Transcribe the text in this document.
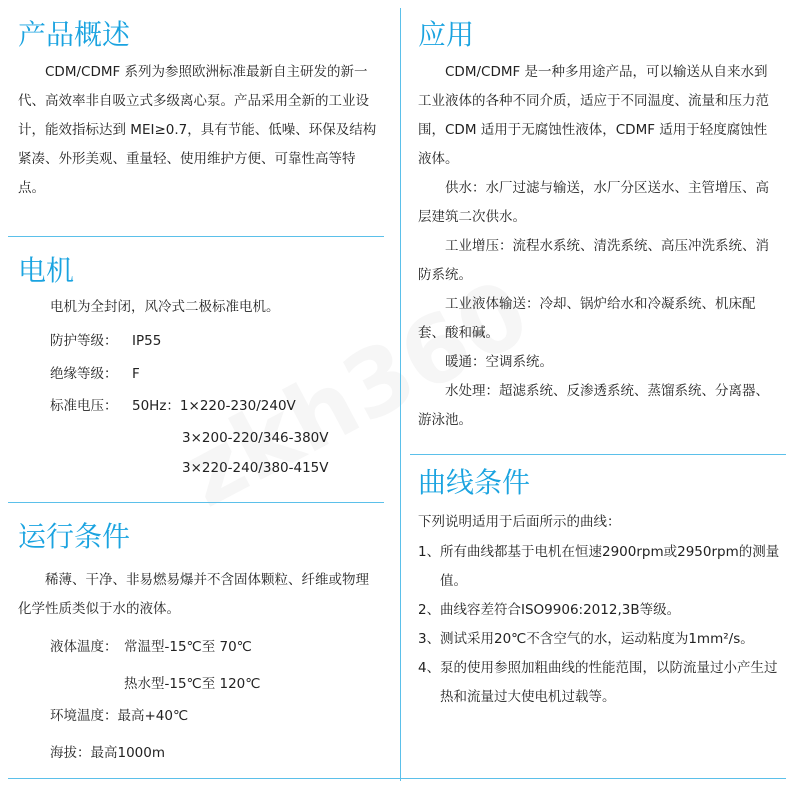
产品概述

CDM/CDMF 系列为参照欧洲标准最新自主研发的新一代、高效率非自吸立式多级离心泵。产品采用全新的工业设计，能效指标达到 MEI≥0.7，具有节能、低噪、环保及结构紧凑、外形美观、重量轻、使用维护方便、可靠性高等特点。

电机
电机为全封闭，风冷式二极标准电机。
防护等级： IP55
绝缘等级： F
标准电压： 50Hz：1×220-230/240V
3×200-220/346-380V
3×220-240/380-415V
运行条件

稀薄、干净、非易燃易爆并不含固体颗粒、纤维或物理化学性质类似于水的液体。

液体温度： 常温型-15℃至 70℃
热水型-15℃至 120℃
环境温度：最高+40℃
海拔：最高1000m
应用

CDM/CDMF 是一种多用途产品，可以输送从自来水到工业液体的各种不同介质，适应于不同温度、流量和压力范围，CDM 适用于无腐蚀性液体，CDMF 适用于轻度腐蚀性液体。

供水：水厂过滤与输送，水厂分区送水、主管增压、高层建筑二次供水。

工业增压：流程水系统、清洗系统、高压冲洗系统、消防系统。

工业液体输送：冷却、锅炉给水和冷凝系统、机床配套、酸和碱。

暖通：空调系统。

水处理：超滤系统、反渗透系统、蒸馏系统、分离器、游泳池。

曲线条件
下列说明适用于后面所示的曲线：
1、 所有曲线都基于电机在恒速2900rpm或2950rpm的测量值。
2、 曲线容差符合ISO9906:2012,3B等级。
3、 测试采用20℃不含空气的水，运动粘度为1mm²/s。
4、 泵的使用参照加粗曲线的性能范围，以防流量过小产生过热和流量过大使电机过载等。
